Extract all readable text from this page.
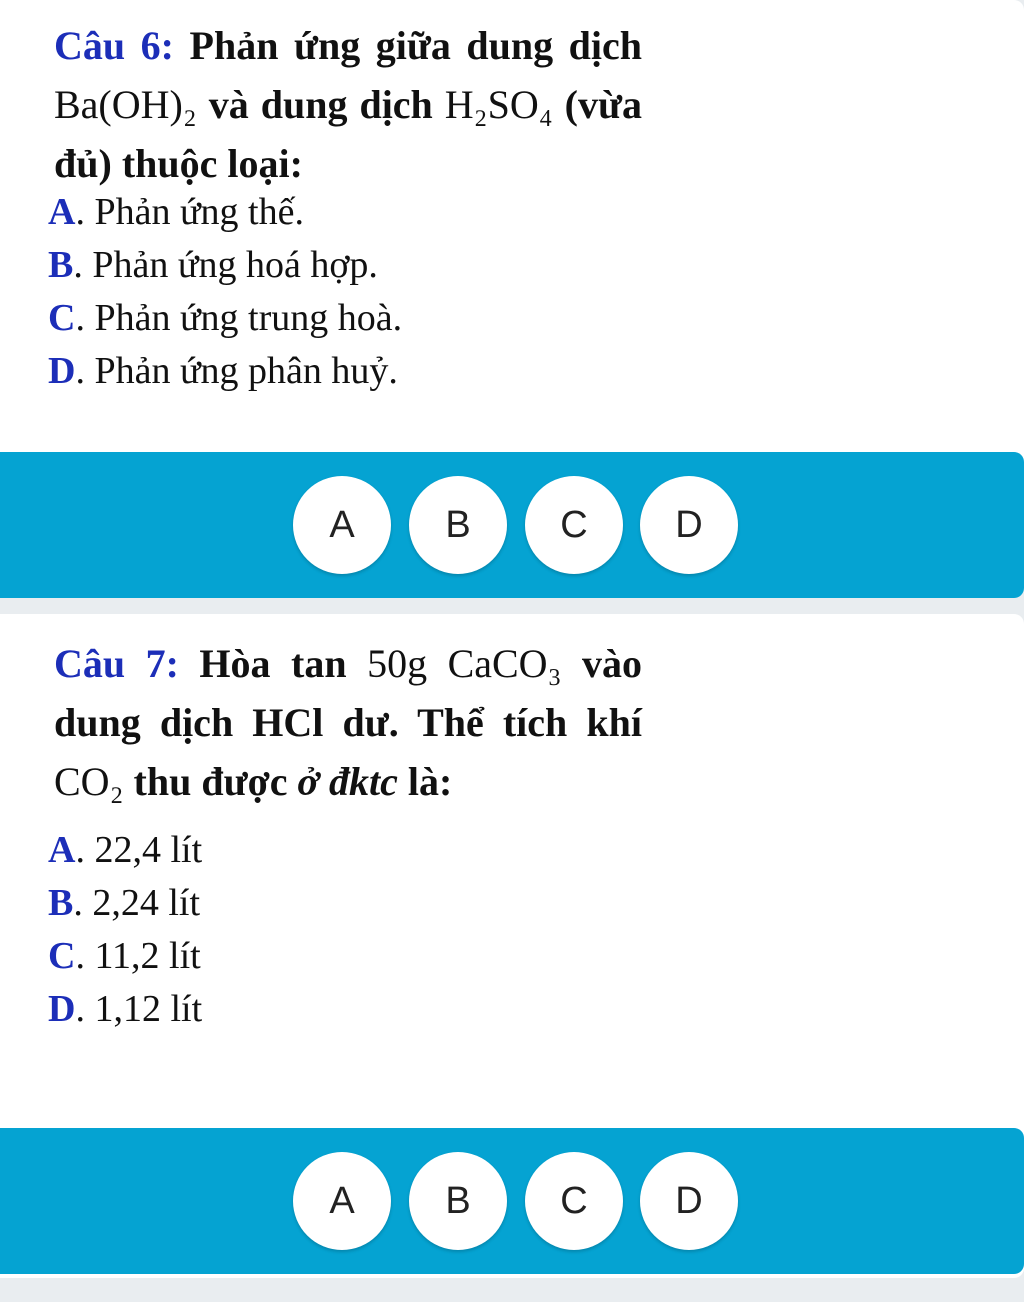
Câu 6: Phản ứng giữa dung dịch Ba(OH)₂ và dung dịch H₂SO₄ (vừa đủ) thuộc loại:
A. Phản ứng thế.
B. Phản ứng hoá hợp.
C. Phản ứng trung hoà.
D. Phản ứng phân huỷ.
A	B	C	D
Câu 7: Hòa tan 50g CaCO₃ vào dung dịch HCl dư. Thể tích khí CO₂ thu được ở đktc là:
A. 22,4 lít
B. 2,24 lít
C. 11,2 lít
D. 1,12 lít
A	B	C	D
